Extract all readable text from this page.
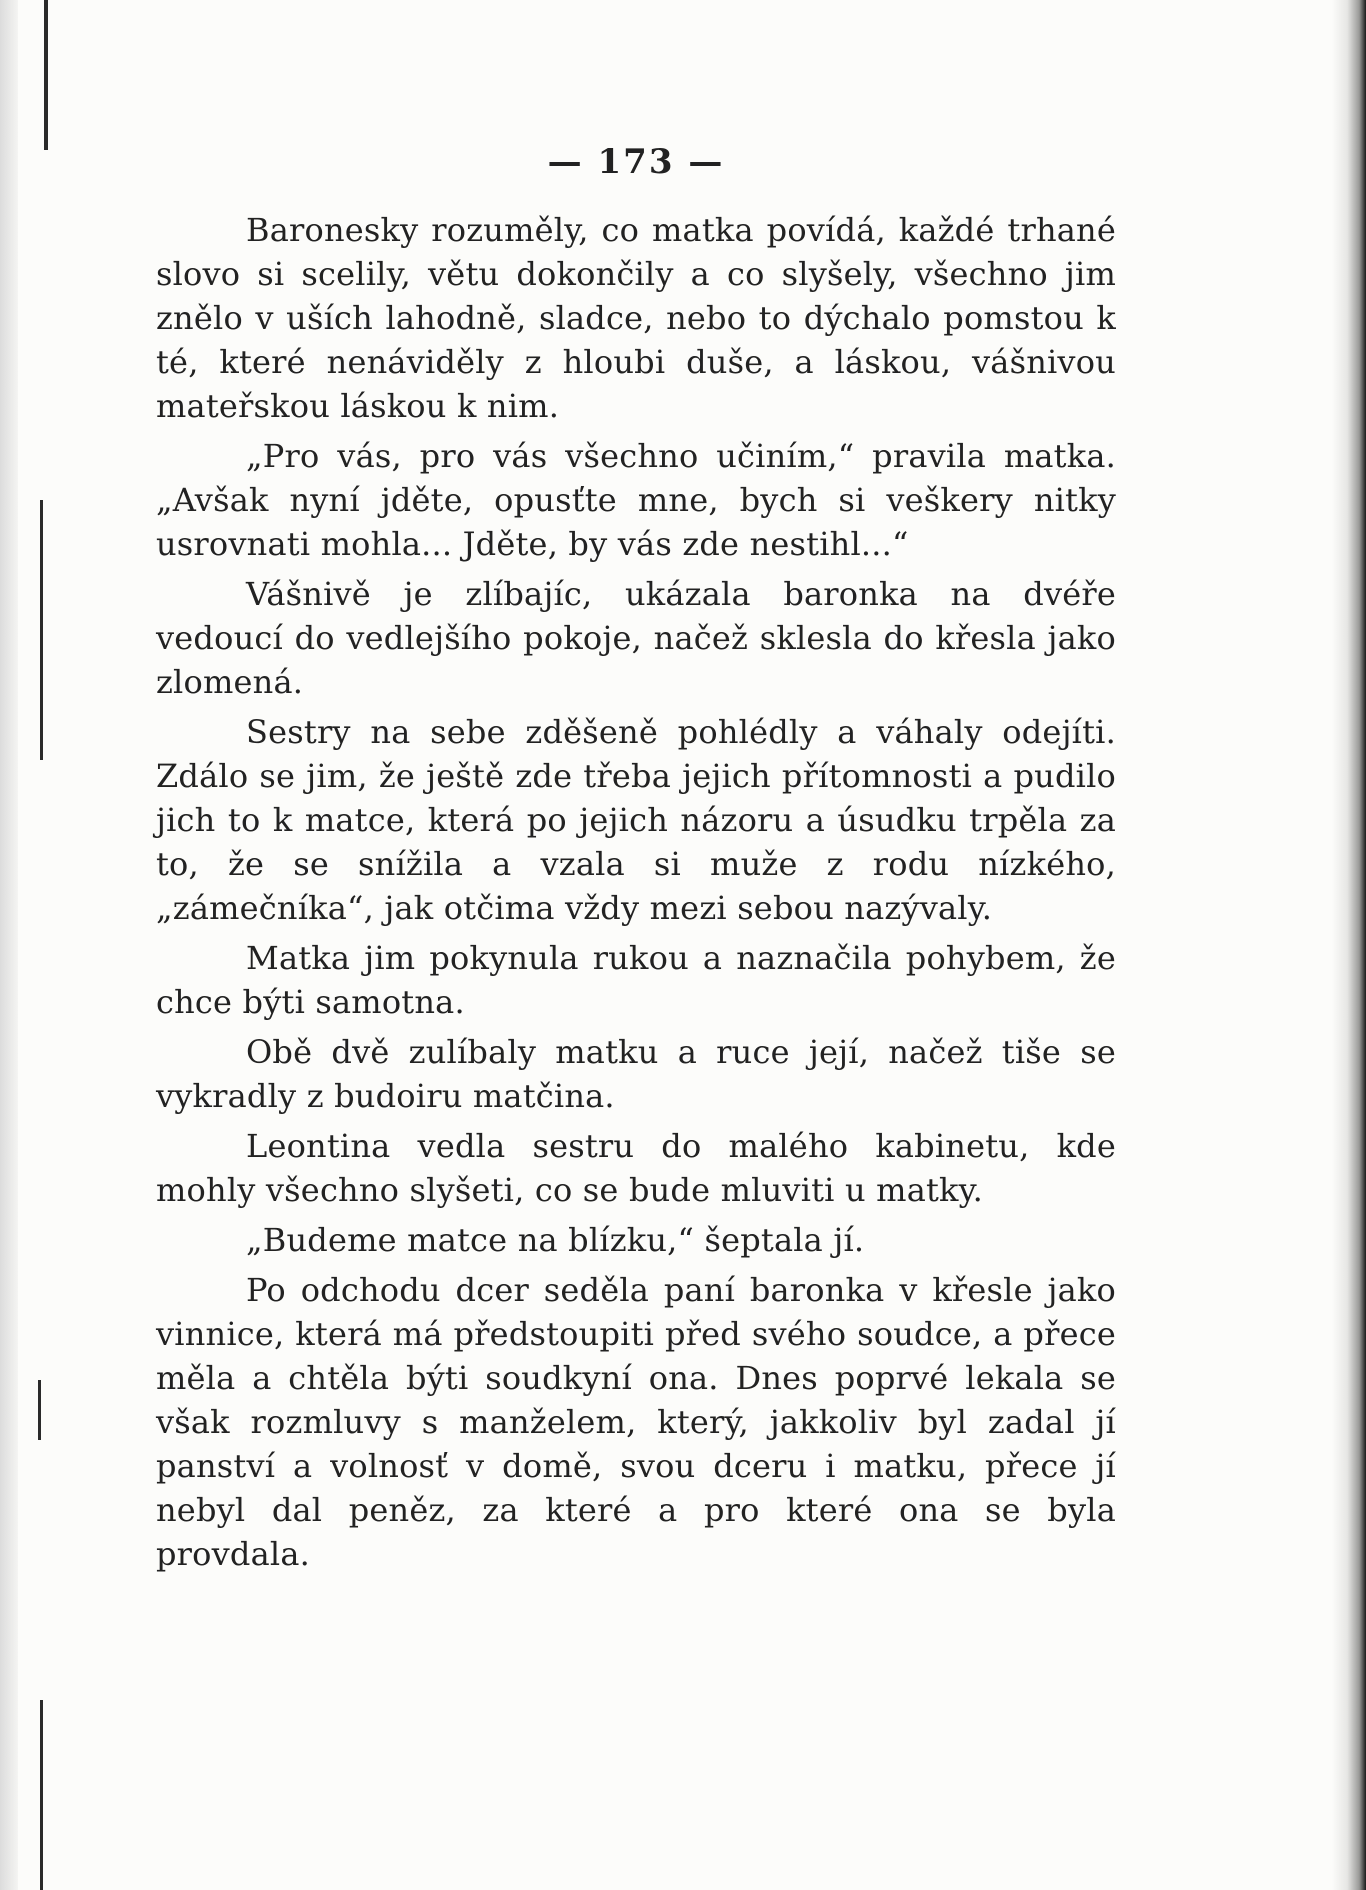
— 173 —

Baronesky rozuměly, co matka povídá, každé trhané slovo si scelily, větu dokončily a co slyšely, všechno jim znělo v uších lahodně, sladce, nebo to dýchalo pomstou k té, které nenáviděly z hloubi duše, a láskou, vášnivou mateřskou láskou k nim.

„Pro vás, pro vás všechno učiním,“ pravila matka. „Avšak nyní jděte, opusťte mne, bych si veškery nitky usrovnati mohla... Jděte, by vás zde nestihl...“

Vášnivě je zlíbajíc, ukázala baronka na dvéře vedoucí do vedlejšího pokoje, načež sklesla do křesla jako zlomená.

Sestry na sebe zděšeně pohlédly a váhaly odejíti. Zdálo se jim, že ještě zde třeba jejich přítomnosti a pudilo jich to k matce, která po jejich názoru a úsudku trpěla za to, že se snížila a vzala si muže z rodu nízkého, „zámečníka“, jak otčima vždy mezi sebou nazývaly.

Matka jim pokynula rukou a naznačila pohybem, že chce býti samotna.

Obě dvě zulíbaly matku a ruce její, načež tiše se vykradly z budoiru matčina.

Leontina vedla sestru do malého kabinetu, kde mohly všechno slyšeti, co se bude mluviti u matky.

„Budeme matce na blízku,“ šeptala jí.

Po odchodu dcer seděla paní baronka v křesle jako vinnice, která má předstoupiti před svého soudce, a přece měla a chtěla býti soudkyní ona. Dnes poprvé lekala se však rozmluvy s manželem, který, jakkoliv byl zadal jí panství a volnosť v domě, svou dceru i matku, přece jí nebyl dal peněz, za které a pro které ona se byla provdala.
